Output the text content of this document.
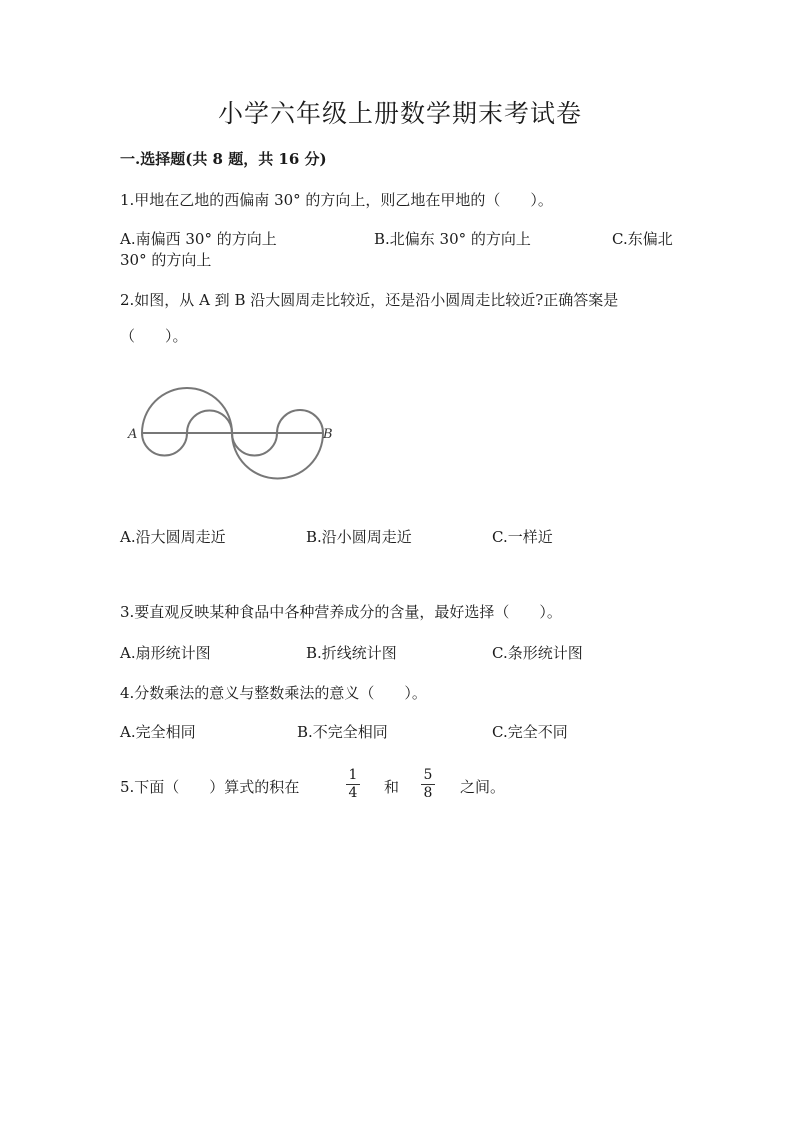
小学六年级上册数学期末考试卷
一.选择题(共 8 题，共 16 分)
1.甲地在乙地的西偏南 30° 的方向上，则乙地在甲地的（　　）。
A.南偏西 30° 的方向上	B.北偏东 30° 的方向上	C.东偏北
30° 的方向上
2.如图，从 A 到 B 沿大圆周走比较近，还是沿小圆周走比较近?正确答案是
（　　）。
A	B
A.沿大圆周走近	B.沿小圆周走近	C.一样近
3.要直观反映某种食品中各种营养成分的含量，最好选择（　　）。
A.扇形统计图	B.折线统计图	C.条形统计图
4.分数乘法的意义与整数乘法的意义（　　）。
A.完全相同	B.不完全相同	C.完全不同
5.下面（　　）算式的积在
1
4 和
5
8 之间。
